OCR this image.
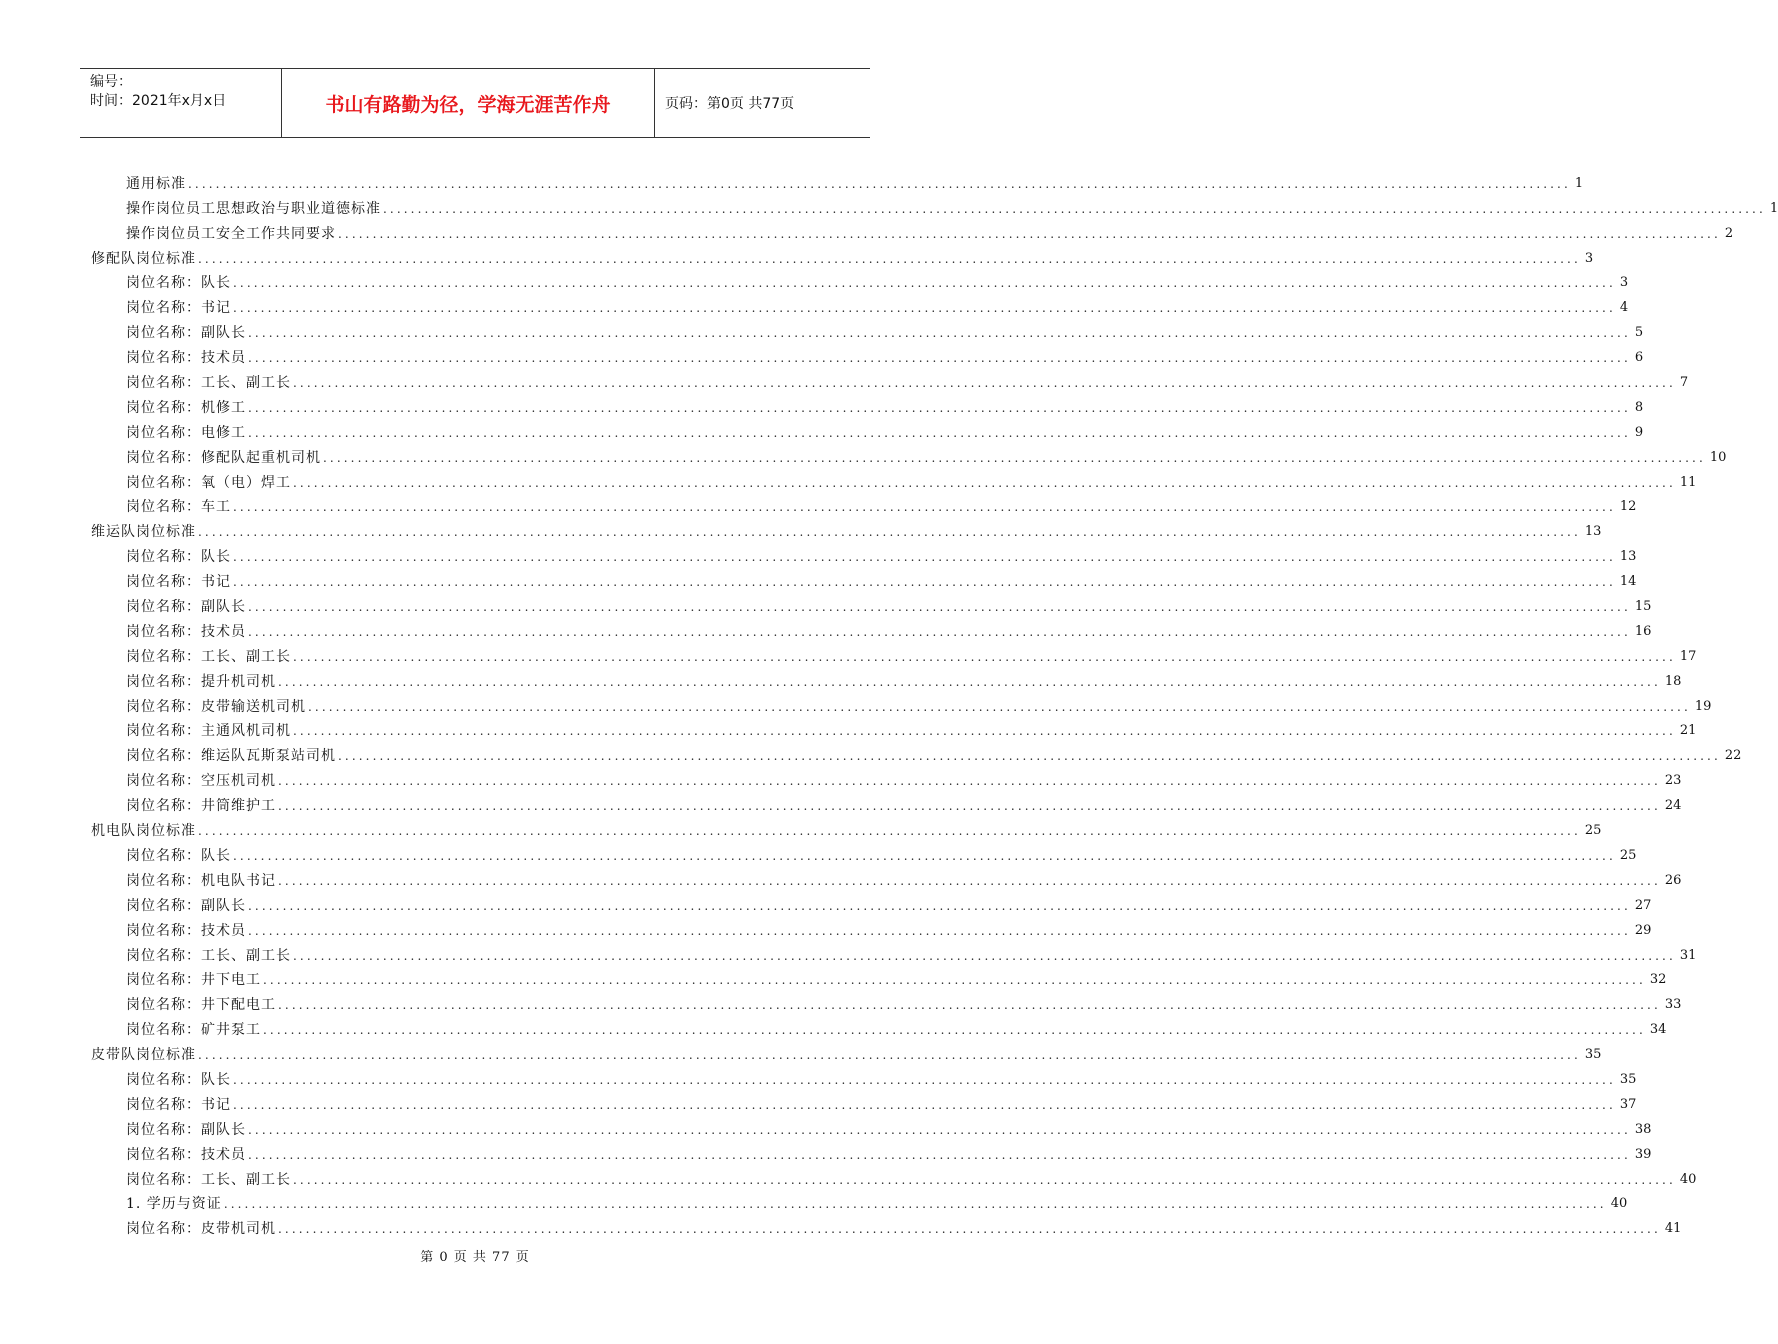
编号：
时间：2021年x月x日	书山有路勤为径，学海无涯苦作舟	页码：第0页 共77页
通用标准 ........................................................................................................................................................................................................ 1
操作岗位员工思想政治与职业道德标准 ........................................................................................................................................................................................................ 1
操作岗位员工安全工作共同要求 ........................................................................................................................................................................................................ 2
修配队岗位标准 ........................................................................................................................................................................................................ 3
岗位名称：队长 ........................................................................................................................................................................................................ 3
岗位名称：书记 ........................................................................................................................................................................................................ 4
岗位名称：副队长 ........................................................................................................................................................................................................ 5
岗位名称：技术员 ........................................................................................................................................................................................................ 6
岗位名称：工长、副工长 ........................................................................................................................................................................................................ 7
岗位名称：机修工 ........................................................................................................................................................................................................ 8
岗位名称：电修工 ........................................................................................................................................................................................................ 9
岗位名称：修配队起重机司机 ........................................................................................................................................................................................................ 10
岗位名称：氧（电）焊工 ........................................................................................................................................................................................................ 11
岗位名称：车工 ........................................................................................................................................................................................................ 12
维运队岗位标准 ........................................................................................................................................................................................................ 13
岗位名称：队长 ........................................................................................................................................................................................................ 13
岗位名称：书记 ........................................................................................................................................................................................................ 14
岗位名称：副队长 ........................................................................................................................................................................................................ 15
岗位名称：技术员 ........................................................................................................................................................................................................ 16
岗位名称：工长、副工长 ........................................................................................................................................................................................................ 17
岗位名称：提升机司机 ........................................................................................................................................................................................................ 18
岗位名称：皮带输送机司机 ........................................................................................................................................................................................................ 19
岗位名称：主通风机司机 ........................................................................................................................................................................................................ 21
岗位名称：维运队瓦斯泵站司机 ........................................................................................................................................................................................................ 22
岗位名称：空压机司机 ........................................................................................................................................................................................................ 23
岗位名称：井筒维护工 ........................................................................................................................................................................................................ 24
机电队岗位标准 ........................................................................................................................................................................................................ 25
岗位名称：队长 ........................................................................................................................................................................................................ 25
岗位名称：机电队书记 ........................................................................................................................................................................................................ 26
岗位名称：副队长 ........................................................................................................................................................................................................ 27
岗位名称：技术员 ........................................................................................................................................................................................................ 29
岗位名称：工长、副工长 ........................................................................................................................................................................................................ 31
岗位名称：井下电工 ........................................................................................................................................................................................................ 32
岗位名称：井下配电工 ........................................................................................................................................................................................................ 33
岗位名称：矿井泵工 ........................................................................................................................................................................................................ 34
皮带队岗位标准 ........................................................................................................................................................................................................ 35
岗位名称：队长 ........................................................................................................................................................................................................ 35
岗位名称：书记 ........................................................................................................................................................................................................ 37
岗位名称：副队长 ........................................................................................................................................................................................................ 38
岗位名称：技术员 ........................................................................................................................................................................................................ 39
岗位名称：工长、副工长 ........................................................................................................................................................................................................ 40
1. 学历与资证 ........................................................................................................................................................................................................ 40
岗位名称：皮带机司机 ........................................................................................................................................................................................................ 41
第 0 页 共 77 页
